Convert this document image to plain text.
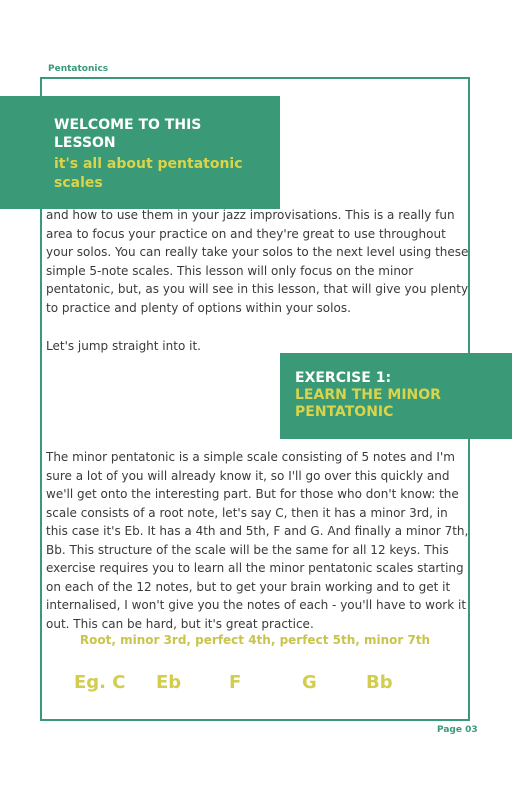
Pentatonics
WELCOME TO THIS LESSON
it's all about pentatonic scales
and how to use them in your jazz improvisations. This is a really fun area to focus your practice on and they're great to use throughout your solos. You can really take your solos to the next level using these simple 5-note scales. This lesson will only focus on the minor pentatonic, but, as you will see in this lesson, that will give you plenty to practice and plenty of options within your solos.
Let's jump straight into it.
EXERCISE 1:
LEARN THE MINOR PENTATONIC
The minor pentatonic is a simple scale consisting of 5 notes and I'm sure a lot of you will already know it, so I'll go over this quickly and we'll get onto the interesting part. But for those who don't know: the scale consists of a root note, let's say C, then it has a minor 3rd, in this case it's Eb. It has a 4th and 5th, F and G. And finally a minor 7th, Bb. This structure of the scale will be the same for all 12 keys. This exercise requires you to learn all the minor pentatonic scales starting on each of the 12 notes, but to get your brain working and to get it internalised, I won't give you the notes of each - you'll have to work it out. This can be hard, but it's great practice.
Root, minor 3rd, perfect 4th, perfect 5th, minor 7th
Eg. C Eb	F	G	Bb
Page 03
